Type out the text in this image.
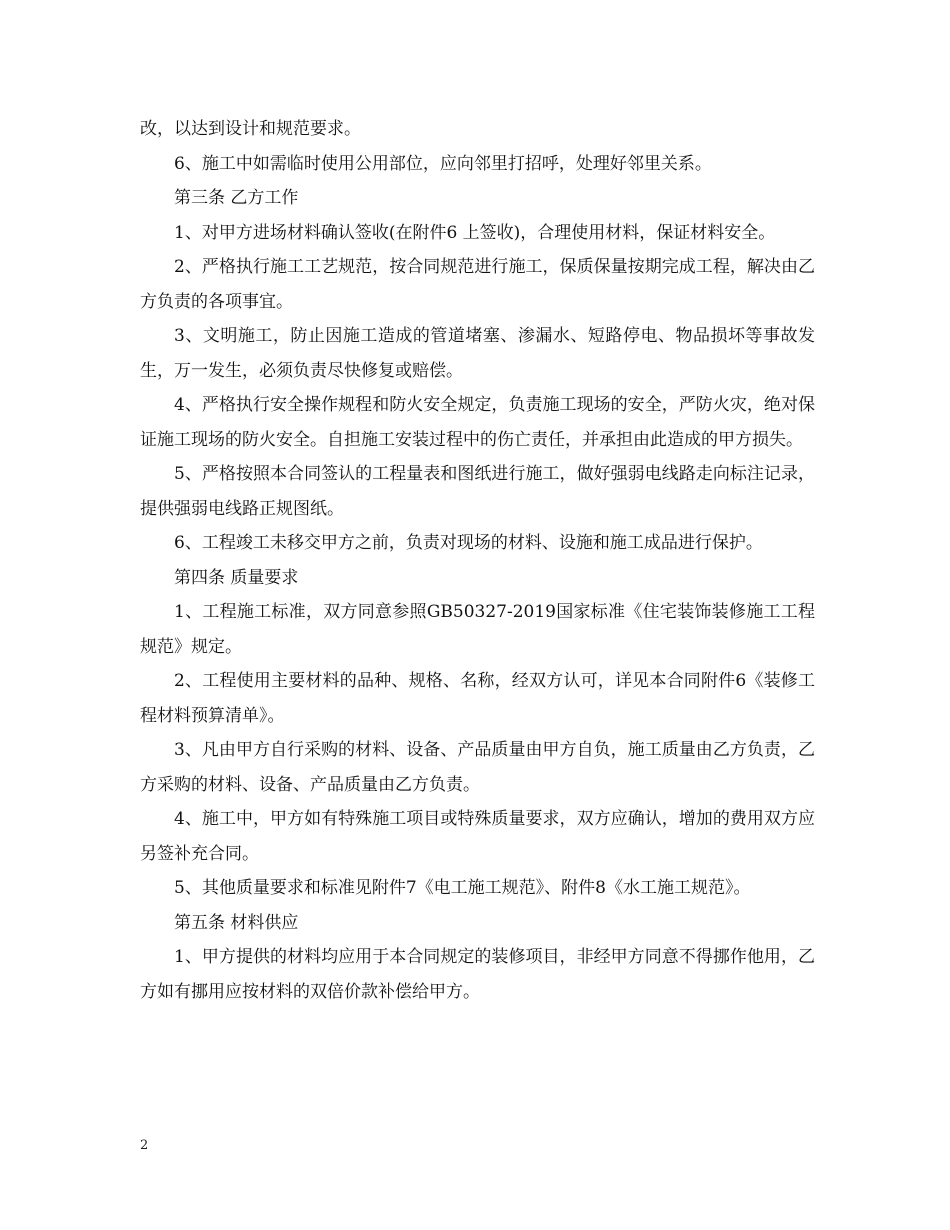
改，以达到设计和规范要求。

6、施工中如需临时使用公用部位，应向邻里打招呼，处理好邻里关系。

第三条 乙方工作

1、对甲方进场材料确认签收(在附件6 上签收)，合理使用材料，保证材料安全。

2、严格执行施工工艺规范，按合同规范进行施工，保质保量按期完成工程，解决由乙方负责的各项事宜。

3、文明施工，防止因施工造成的管道堵塞、渗漏水、短路停电、物品损坏等事故发生，万一发生，必须负责尽快修复或赔偿。

4、严格执行安全操作规程和防火安全规定，负责施工现场的安全，严防火灾，绝对保证施工现场的防火安全。自担施工安装过程中的伤亡责任，并承担由此造成的甲方损失。

5、严格按照本合同签认的工程量表和图纸进行施工，做好强弱电线路走向标注记录，提供强弱电线路正规图纸。

6、工程竣工未移交甲方之前，负责对现场的材料、设施和施工成品进行保护。

第四条 质量要求

1、工程施工标准，双方同意参照GB50327-2019国家标准《住宅装饰装修施工工程规范》规定。

2、工程使用主要材料的品种、规格、名称，经双方认可，详见本合同附件6《装修工程材料预算清单》。

3、凡由甲方自行采购的材料、设备、产品质量由甲方自负，施工质量由乙方负责，乙方采购的材料、设备、产品质量由乙方负责。

4、施工中，甲方如有特殊施工项目或特殊质量要求，双方应确认，增加的费用双方应另签补充合同。

5、其他质量要求和标准见附件7《电工施工规范》、附件8《水工施工规范》。

第五条 材料供应

1、甲方提供的材料均应用于本合同规定的装修项目，非经甲方同意不得挪作他用，乙方如有挪用应按材料的双倍价款补偿给甲方。

2
